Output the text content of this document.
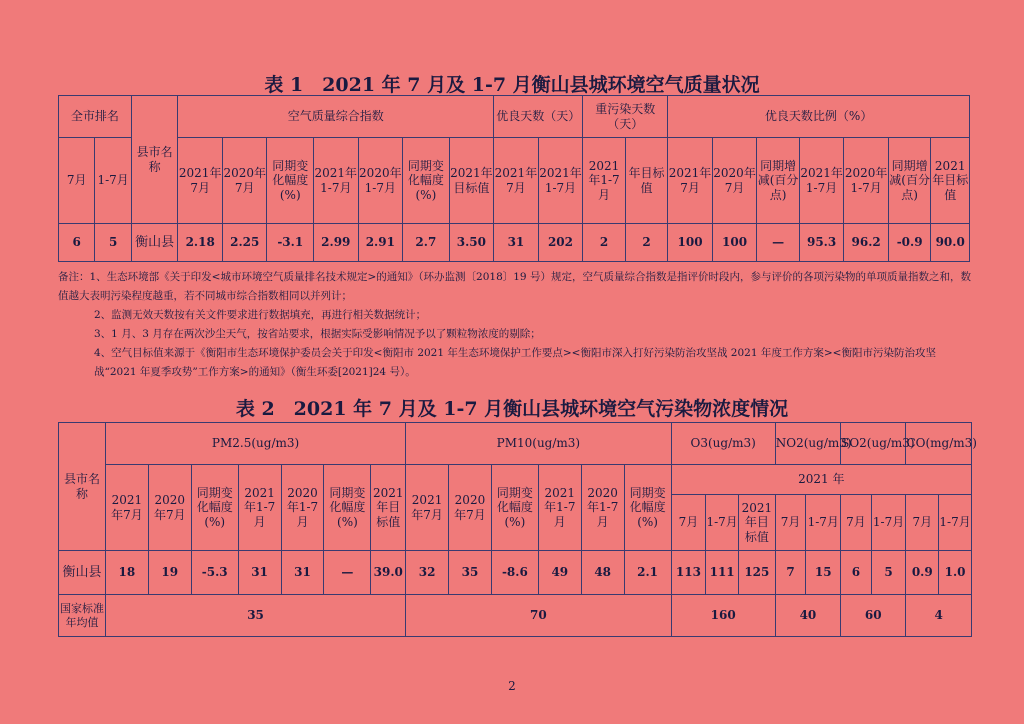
表 1　2021 年 7 月及 1-7 月衡山县城环境空气质量状况
全市排名		县市名称	空气质量综合指数							优良天数（天）		重污染天数（天）		优良天数比例（%）						
7月	1-7月		2021年7月	2020年7月	同期变化幅度(%)	2021年1-7月	2020年1-7月	同期变化幅度(%)	2021年目标值	2021年7月	2021年1-7月	2021年1-7月	年目标值	2021年7月	2020年7月	同期增减(百分点)	2021年1-7月	2020年1-7月	同期增减(百分点)	2021年目标值
6	5	衡山县	2.18	2.25	-3.1	2.99	2.91	2.7	3.50	31	202	2	2	100	100	—	95.3	96.2	-0.9	90.0

备注：1、生态环境部《关于印发<城市环境空气质量排名技术规定>的通知》（环办监测〔2018〕19 号）规定，空气质量综合指数是指评价时段内，参与评价的各项污染物的单项质量指数之和，数值越大表明污染程度越重，若不同城市综合指数相同以并列计；

2、监测无效天数按有关文件要求进行数据填充，再进行相关数据统计；

3、1 月、3 月存在两次沙尘天气，按省站要求，根据实际受影响情况予以了颗粒物浓度的剔除；

4、空气目标值来源于《衡阳市生态环境保护委员会关于印发<衡阳市 2021 年生态环境保护工作要点><衡阳市深入打好污染防治攻坚战 2021 年度工作方案><衡阳市污染防治攻坚战“2021 年夏季攻势”工作方案>的通知》（衡生环委[2021]24 号）。

表 2　2021 年 7 月及 1-7 月衡山县城环境空气污染物浓度情况
县市名称	PM2.5(ug/m3)							PM10(ug/m3)						O3(ug/m3)			NO2(ug/m3)		SO2(ug/m3)		CO(mg/m3)	
	2021年7月	2020年7月	同期变化幅度(%)	2021年1-7月	2020年1-7月	同期变化幅度(%)	2021年目标值	2021年7月	2020年7月	同期变化幅度(%)	2021年1-7月	2020年1-7月	同期变化幅度(%)	2021 年								
														7月	1-7月	2021年目标值	7月	1-7月	7月	1-7月	7月	1-7月
衡山县	18	19	-5.3	31	31	—	39.0	32	35	-8.6	49	48	2.1	113	111	125	7	15	6	5	0.9	1.0
国家标准年均值	35							70						160			40		60		4	
2
